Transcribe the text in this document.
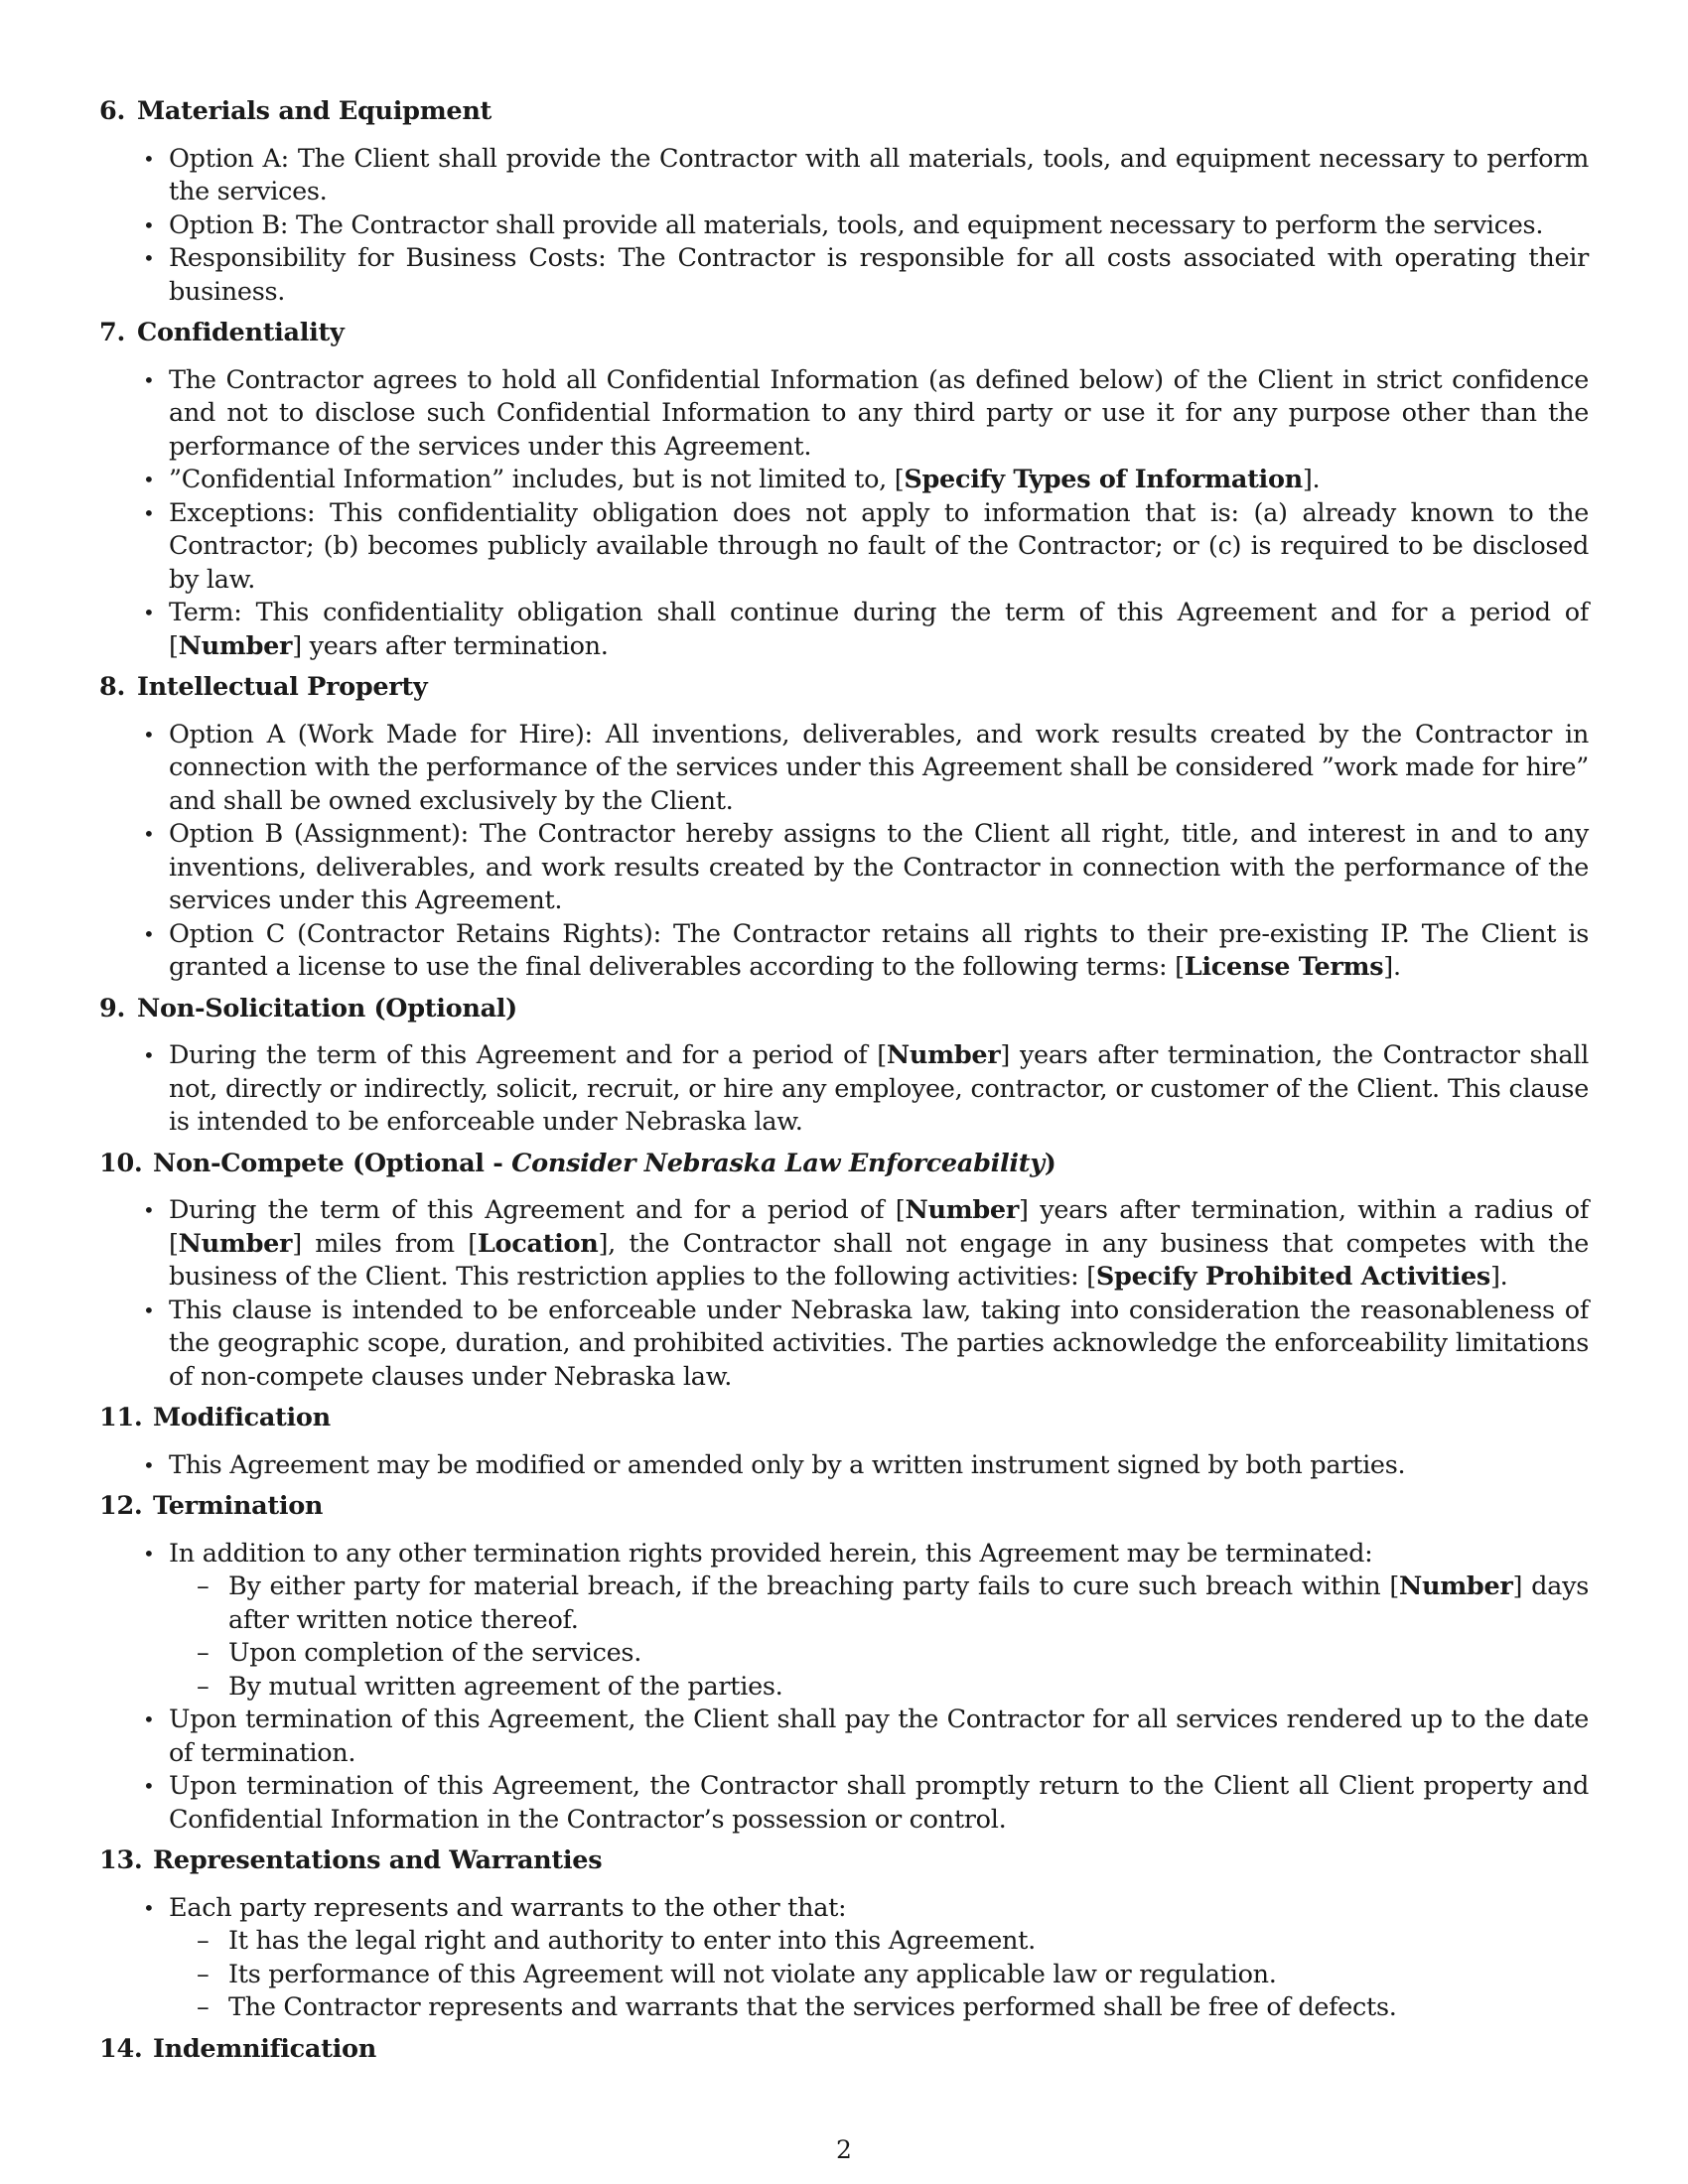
6. Materials and Equipment
• Option A: The Client shall provide the Contractor with all materials, tools, and equipment necessary to perform the services.
• Option B: The Contractor shall provide all materials, tools, and equipment necessary to perform the services.
• Responsibility for Business Costs: The Contractor is responsible for all costs associated with operating their business.
7. Confidentiality
• The Contractor agrees to hold all Confidential Information (as defined below) of the Client in strict confidence and not to disclose such Confidential Information to any third party or use it for any purpose other than the performance of the services under this Agreement.
• ”Confidential Information” includes, but is not limited to, [Specify Types of Information].
• Exceptions: This confidentiality obligation does not apply to information that is: (a) already known to the Contractor; (b) becomes publicly available through no fault of the Contractor; or (c) is required to be disclosed by law.
• Term: This confidentiality obligation shall continue during the term of this Agreement and for a period of [Number] years after termination.
8. Intellectual Property
• Option A (Work Made for Hire): All inventions, deliverables, and work results created by the Contractor in connection with the performance of the services under this Agreement shall be considered ”work made for hire” and shall be owned exclusively by the Client.
• Option B (Assignment): The Contractor hereby assigns to the Client all right, title, and interest in and to any inventions, deliverables, and work results created by the Contractor in connection with the performance of the services under this Agreement.
• Option C (Contractor Retains Rights): The Contractor retains all rights to their pre-existing IP. The Client is granted a license to use the final deliverables according to the following terms: [License Terms].
9. Non-Solicitation (Optional)
• During the term of this Agreement and for a period of [Number] years after termination, the Contractor shall not, directly or indirectly, solicit, recruit, or hire any employee, contractor, or customer of the Client. This clause is intended to be enforceable under Nebraska law.
10. Non-Compete (Optional - Consider Nebraska Law Enforceability)
• During the term of this Agreement and for a period of [Number] years after termination, within a radius of [Number] miles from [Location], the Contractor shall not engage in any business that competes with the business of the Client. This restriction applies to the following activities: [Specify Prohibited Activities].
• This clause is intended to be enforceable under Nebraska law, taking into consideration the reasonableness of the geographic scope, duration, and prohibited activities. The parties acknowledge the enforceability limitations of non-compete clauses under Nebraska law.
11. Modification
• This Agreement may be modified or amended only by a written instrument signed by both parties.
12. Termination
• In addition to any other termination rights provided herein, this Agreement may be terminated:
– By either party for material breach, if the breaching party fails to cure such breach within [Number] days after written notice thereof.
– Upon completion of the services.
– By mutual written agreement of the parties.
• Upon termination of this Agreement, the Client shall pay the Contractor for all services rendered up to the date of termination.
• Upon termination of this Agreement, the Contractor shall promptly return to the Client all Client property and Confidential Information in the Contractor’s possession or control.
13. Representations and Warranties
• Each party represents and warrants to the other that:
– It has the legal right and authority to enter into this Agreement.
– Its performance of this Agreement will not violate any applicable law or regulation.
– The Contractor represents and warrants that the services performed shall be free of defects.
14. Indemnification
2
